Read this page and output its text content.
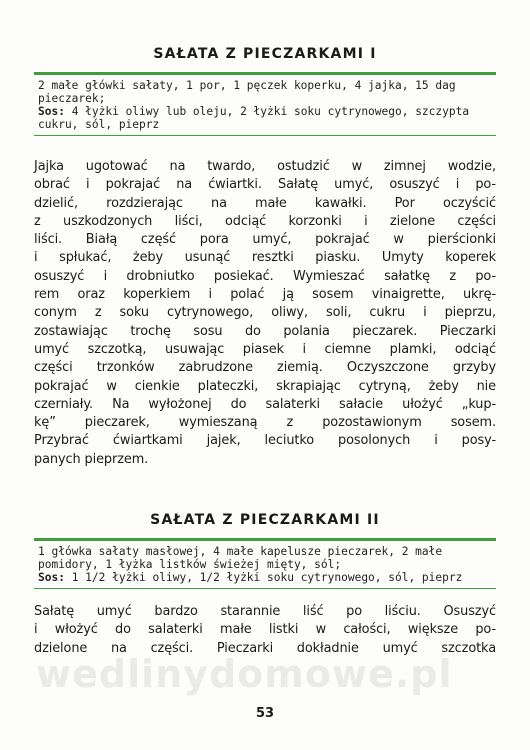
SAŁATA Z PIECZARKAMI I
2 małe główki sałaty, 1 por, 1 pęczek koperku, 4 jajka, 15 dag
pieczarek;
Sos: 4 łyżki oliwy lub oleju, 2 łyżki soku cytrynowego, szczypta
cukru, sól, pieprz
Jajka ugotować na twardo, ostudzić w zimnej wodzie,
obrać i pokrajać na ćwiartki. Sałatę umyć, osuszyć i po-
dzielić, rozdzierając na małe kawałki. Por oczyścić
z uszkodzonych liści, odciąć korzonki i zielone części
liści. Białą część pora umyć, pokrajać w pierścionki
i spłukać, żeby usunąć resztki piasku. Umyty koperek
osuszyć i drobniutko posiekać. Wymieszać sałatkę z po-
rem oraz koperkiem i polać ją sosem vinaigrette, ukrę-
conym z soku cytrynowego, oliwy, soli, cukru i pieprzu,
zostawiając trochę sosu do polania pieczarek. Pieczarki
umyć szczotką, usuwając piasek i ciemne plamki, odciąć
części trzonków zabrudzone ziemią. Oczyszczone grzyby
pokrajać w cienkie plateczki, skrapiając cytryną, żeby nie
czerniały. Na wyłożonej do salaterki sałacie ułożyć „kup-
kę” pieczarek, wymieszaną z pozostawionym sosem.
Przybrać ćwiartkami jajek, leciutko posolonych i posy-
panych pieprzem.
SAŁATA Z PIECZARKAMI II
1 główka sałaty masłowej, 4 małe kapelusze pieczarek, 2 małe
pomidory, 1 łyżka listków świeżej mięty, sól;
Sos: 1 1/2 łyżki oliwy, 1/2 łyżki soku cytrynowego, sól, pieprz
Sałatę umyć bardzo starannie liść po liściu. Osuszyć
i włożyć do salaterki małe listki w całości, większe po-
dzielone na części. Pieczarki dokładnie umyć szczotka
wedlinydomowe.pl
53
